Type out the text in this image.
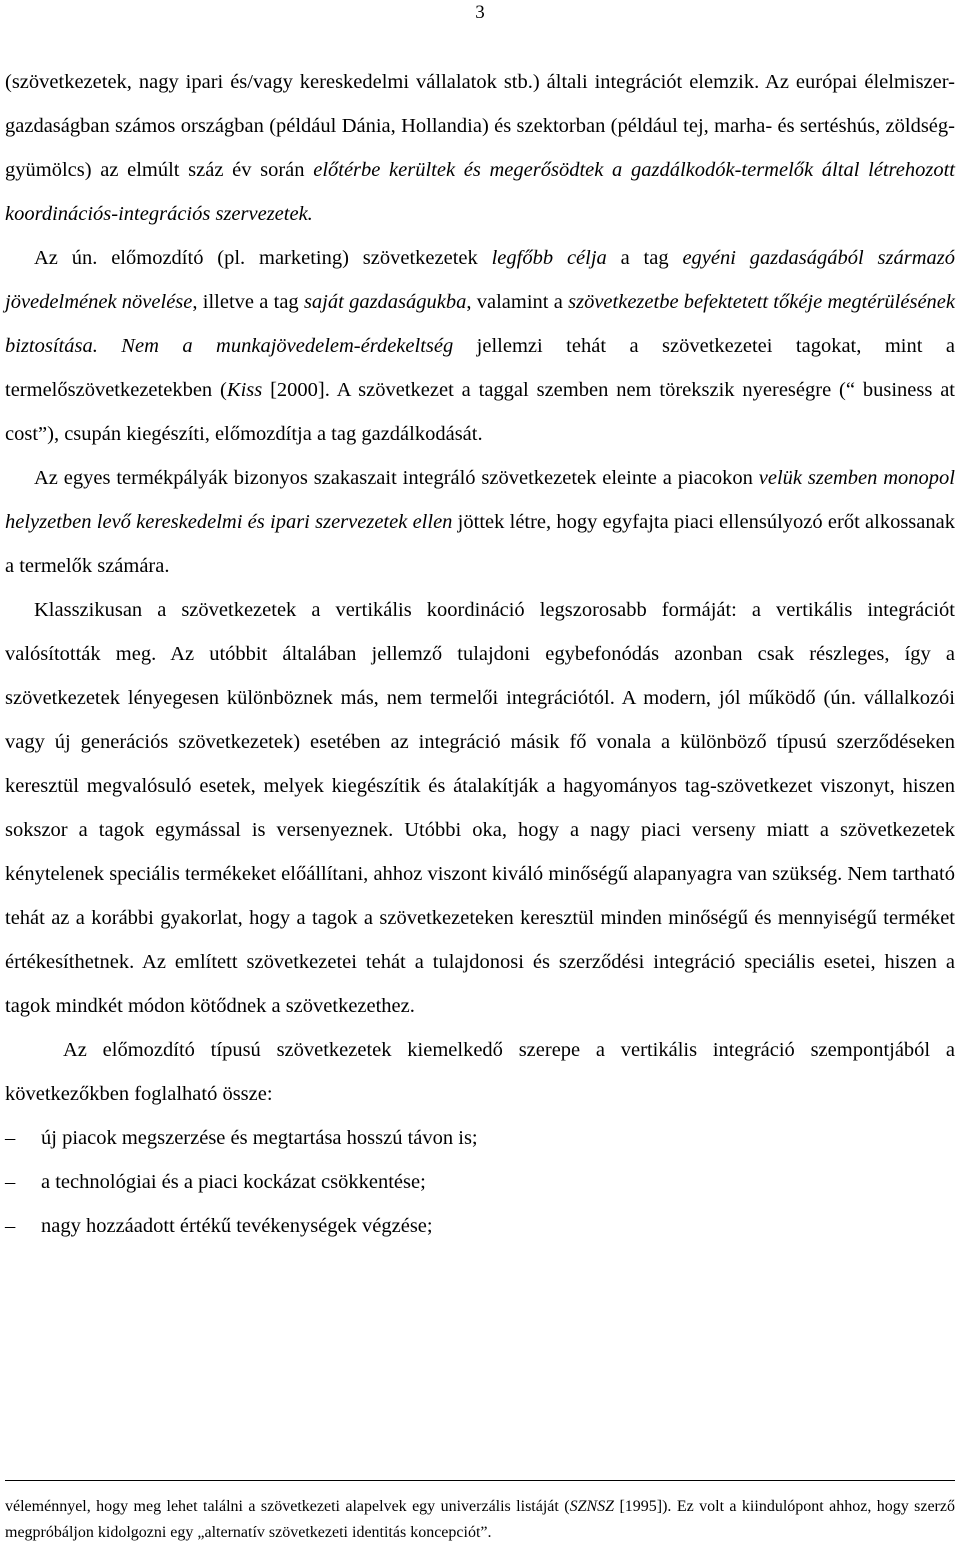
3

(szövetkezetek, nagy ipari és/vagy kereskedelmi vállalatok stb.) általi integrációt elemzik. Az európai élelmiszer-gazdaságban számos országban (például Dánia, Hollandia) és szektorban (például tej, marha- és sertéshús, zöldség-gyümölcs) az elmúlt száz év során előtérbe kerültek és megerősödtek a gazdálkodók-termelők által létrehozott koordinációs-integrációs szervezetek.

Az ún. előmozdító (pl. marketing) szövetkezetek legfőbb célja a tag egyéni gazdaságából származó jövedelmének növelése, illetve a tag saját gazdaságukba, valamint a szövetkezetbe befektetett tőkéje megtérülésének biztosítása. Nem a munkajövedelem-érdekeltség jellemzi tehát a szövetkezetei tagokat, mint a termelőszövetkezetekben (Kiss [2000]. A szövetkezet a taggal szemben nem törekszik nyereségre (“ business at cost”), csupán kiegészíti, előmozdítja a tag gazdálkodását.

Az egyes termékpályák bizonyos szakaszait integráló szövetkezetek eleinte a piacokon velük szemben monopol helyzetben levő kereskedelmi és ipari szervezetek ellen jöttek létre, hogy egyfajta piaci ellensúlyozó erőt alkossanak a termelők számára.

Klasszikusan a szövetkezetek a vertikális koordináció legszorosabb formáját: a vertikális integrációt valósították meg. Az utóbbit általában jellemző tulajdoni egybefonódás azonban csak részleges, így a szövetkezetek lényegesen különböznek más, nem termelői integrációtól. A modern, jól működő (ún. vállalkozói vagy új generációs szövetkezetek) esetében az integráció másik fő vonala a különböző típusú szerződéseken keresztül megvalósuló esetek, melyek kiegészítik és átalakítják a hagyományos tag-szövetkezet viszonyt, hiszen sokszor a tagok egymással is versenyeznek. Utóbbi oka, hogy a nagy piaci verseny miatt a szövetkezetek kénytelenek speciális termékeket előállítani, ahhoz viszont kiváló minőségű alapanyagra van szükség. Nem tartható tehát az a korábbi gyakorlat, hogy a tagok a szövetkezeteken keresztül minden minőségű és mennyiségű terméket értékesíthetnek. Az említett szövetkezetei tehát a tulajdonosi és szerződési integráció speciális esetei, hiszen a tagok mindkét módon kötődnek a szövetkezethez.

Az előmozdító típusú szövetkezetek kiemelkedő szerepe a vertikális integráció szempontjából a következőkben foglalható össze:

–	új piacok megszerzése és megtartása hosszú távon is;
–	a technológiai és a piaci kockázat csökkentése;
–	nagy hozzáadott értékű tevékenységek végzése;
véleménnyel, hogy meg lehet találni a szövetkezeti alapelvek egy univerzális listáját (SZNSZ [1995]). Ez volt a kiindulópont ahhoz, hogy szerző megpróbáljon kidolgozni egy „alternatív szövetkezeti identitás koncepciót”.
